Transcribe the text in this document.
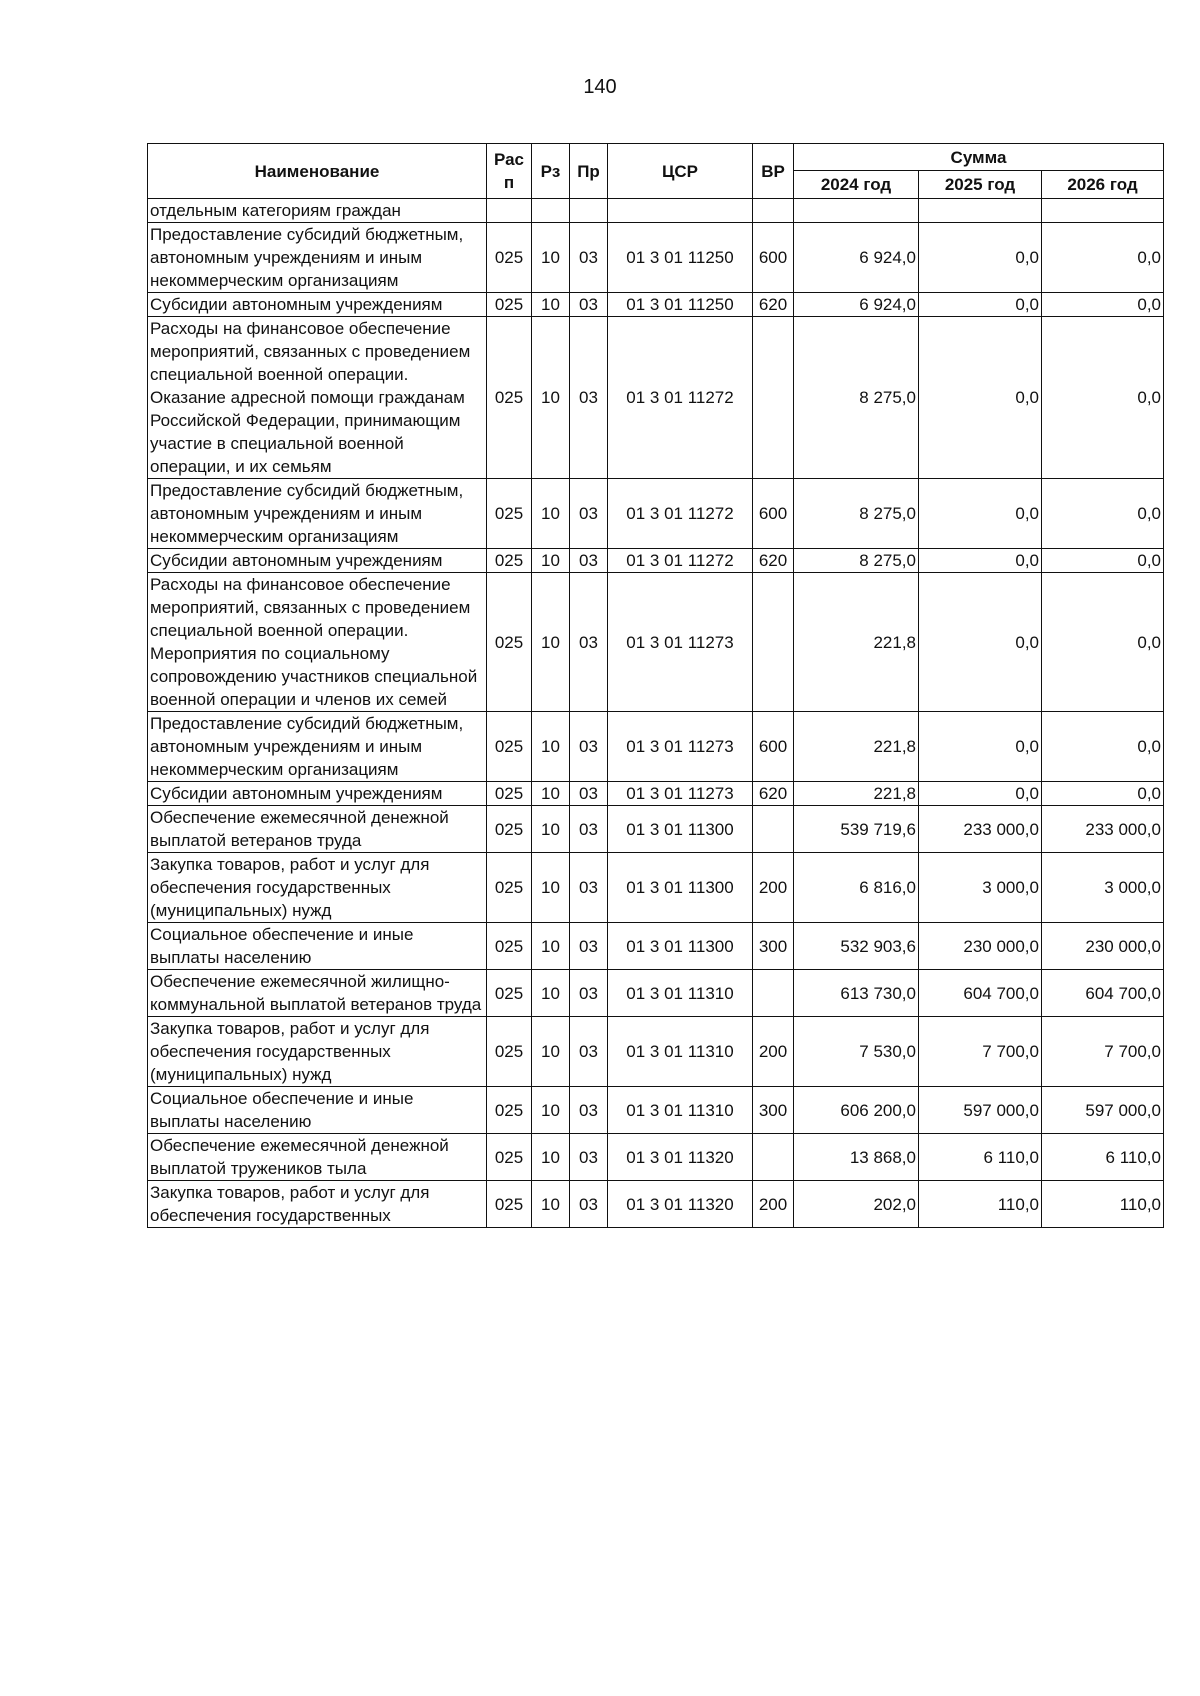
140
Наименование	Рас п	Рз	Пр	ЦСР	ВР	Сумма		
						2024 год	2025 год	2026 год
отдельным категориям граждан								
Предоставление субсидий бюджетным, автономным учреждениям и иным некоммерческим организациям	025	10	03	01 3 01 11250	600	6 924,0	0,0	0,0
Субсидии автономным учреждениям	025	10	03	01 3 01 11250	620	6 924,0	0,0	0,0
Расходы на финансовое обеспечение мероприятий, связанных с проведением специальной военной операции. Оказание адресной помощи гражданам Российской Федерации, принимающим участие в специальной военной операции, и их семьям	025	10	03	01 3 01 11272		8 275,0	0,0	0,0
Предоставление субсидий бюджетным, автономным учреждениям и иным некоммерческим организациям	025	10	03	01 3 01 11272	600	8 275,0	0,0	0,0
Субсидии автономным учреждениям	025	10	03	01 3 01 11272	620	8 275,0	0,0	0,0
Расходы на финансовое обеспечение мероприятий, связанных с проведением специальной военной операции. Мероприятия по социальному сопровождению участников специальной военной операции и членов их семей	025	10	03	01 3 01 11273		221,8	0,0	0,0
Предоставление субсидий бюджетным, автономным учреждениям и иным некоммерческим организациям	025	10	03	01 3 01 11273	600	221,8	0,0	0,0
Субсидии автономным учреждениям	025	10	03	01 3 01 11273	620	221,8	0,0	0,0
Обеспечение ежемесячной денежной выплатой ветеранов труда	025	10	03	01 3 01 11300		539 719,6	233 000,0	233 000,0
Закупка товаров, работ и услуг для обеспечения государственных (муниципальных) нужд	025	10	03	01 3 01 11300	200	6 816,0	3 000,0	3 000,0
Социальное обеспечение и иные выплаты населению	025	10	03	01 3 01 11300	300	532 903,6	230 000,0	230 000,0
Обеспечение ежемесячной жилищно-коммунальной выплатой ветеранов труда	025	10	03	01 3 01 11310		613 730,0	604 700,0	604 700,0
Закупка товаров, работ и услуг для обеспечения государственных (муниципальных) нужд	025	10	03	01 3 01 11310	200	7 530,0	7 700,0	7 700,0
Социальное обеспечение и иные выплаты населению	025	10	03	01 3 01 11310	300	606 200,0	597 000,0	597 000,0
Обеспечение ежемесячной денежной выплатой тружеников тыла	025	10	03	01 3 01 11320		13 868,0	6 110,0	6 110,0
Закупка товаров, работ и услуг для обеспечения государственных	025	10	03	01 3 01 11320	200	202,0	110,0	110,0
